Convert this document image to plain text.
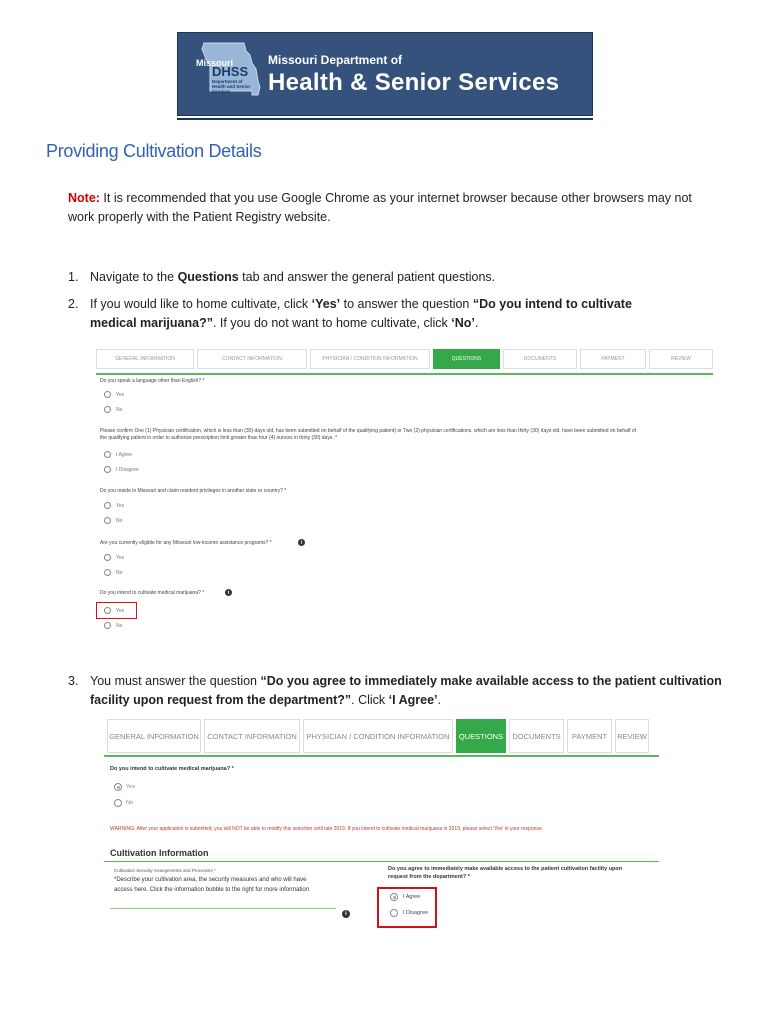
Missouri
DHSS
Department of Health and Senior Services
Missouri Department of
Health & Senior Services
Providing Cultivation Details
Note: It is recommended that you use Google Chrome as your internet browser because other browsers may not work properly with the Patient Registry website.
1. Navigate to the Questions tab and answer the general patient questions.
2. If you would like to home cultivate, click ‘Yes’ to answer the question “Do you intend to cultivate medical marijuana?”. If you do not want to home cultivate, click ‘No’.
GENERAL INFORMATION	CONTACT INFORMATION	PHYSICIAN / CONDITION INFORMATION	QUESTIONS	DOCUMENTS	PAYMENT	REVIEW
Do you speak a language other than English? *
Yes
No
Please confirm One (1) Physician certification, which is less than (30) days old, has been submitted on behalf of the qualifying patient) or Two (2) physician certifications, which are less than thirty (30) days old, have been submitted on behalf of
the qualifying patient in order to authorize prescription limit greater than four (4) ounces in thirty (30) days. *
I Agree
I Disagree
Do you reside in Missouri and claim resident privileges in another state or country? *
Yes
No
Are you currently eligible for any Missouri low-income assistance programs? *	i
Yes
No
Do you intend to cultivate medical marijuana? *	i
Yes
No
3. You must answer the question “Do you agree to immediately make available access to the patient cultivation facility upon request from the department?”. Click ‘I Agree’.
GENERAL INFORMATION	CONTACT INFORMATION	PHYSICIAN / CONDITION INFORMATION	QUESTIONS	DOCUMENTS	PAYMENT	REVIEW
Do you intend to cultivate medical marijuana? *
Yes
No
WARNING: After your application is submitted, you will NOT be able to modify this selection until late 2019. If you intend to cultivate medical marijuana in 2019, please select 'Yes' in your response.
Cultivation Information
Cultivation Security Arrangements and Processes *
*Describe your cultivation area, the security measures and who will have
access here. Click the information bubble to the right for more information
i
Do you agree to immediately make available access to the patient cultivation facility upon
request from the department? *
I Agree
I Disagree
